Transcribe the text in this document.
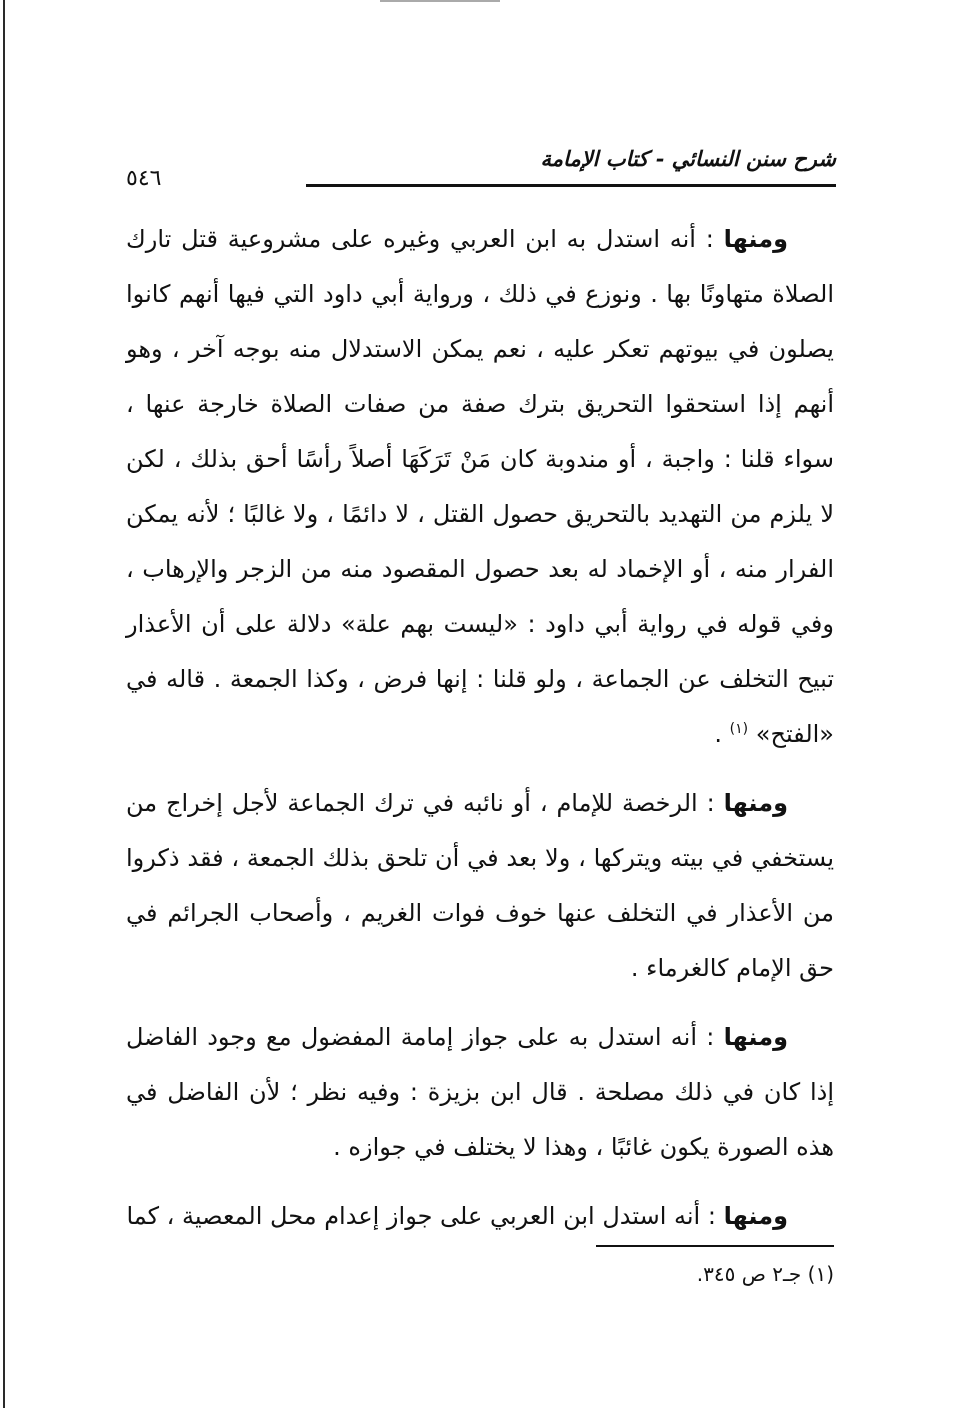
شرح سنن النسائي - كتاب الإمامة
٥٤٦

ومنها : أنه استدل به ابن العربي وغيره على مشروعية قتل تارك الصلاة متهاونًا بها . ونوزع في ذلك ، ورواية أبي داود التي فيها أنهم كانوا يصلون في بيوتهم تعكر عليه ، نعم يمكن الاستدلال منه بوجه آخر ، وهو أنهم إذا استحقوا التحريق بترك صفة من صفات الصلاة خارجة عنها ، سواء قلنا : واجبة ، أو مندوبة كان مَنْ تَرَكَهَا أصلاً رأسًا أحق بذلك ، لكن لا يلزم من التهديد بالتحريق حصول القتل ، لا دائمًا ، ولا غالبًا ؛ لأنه يمكن الفرار منه ، أو الإخماد له بعد حصول المقصود منه من الزجر والإرهاب ، وفي قوله في رواية أبي داود : «ليست بهم علة» دلالة على أن الأعذار تبيح التخلف عن الجماعة ، ولو قلنا : إنها فرض ، وكذا الجمعة . قاله في «الفتح» $^{(١)}$ .

ومنها : الرخصة للإمام ، أو نائبه في ترك الجماعة لأجل إخراج من يستخفي في بيته ويتركها ، ولا بعد في أن تلحق بذلك الجمعة ، فقد ذكروا من الأعذار في التخلف عنها خوف فوات الغريم ، وأصحاب الجرائم في حق الإمام كالغرماء .

ومنها : أنه استدل به على جواز إمامة المفضول مع وجود الفاضل إذا كان في ذلك مصلحة . قال ابن بزيزة : وفيه نظر ؛ لأن الفاضل في هذه الصورة يكون غائبًا ، وهذا لا يختلف في جوازه .

ومنها : أنه استدل ابن العربي على جواز إعدام محل المعصية ، كما

(١) جـ٢ ص ٣٤٥.
